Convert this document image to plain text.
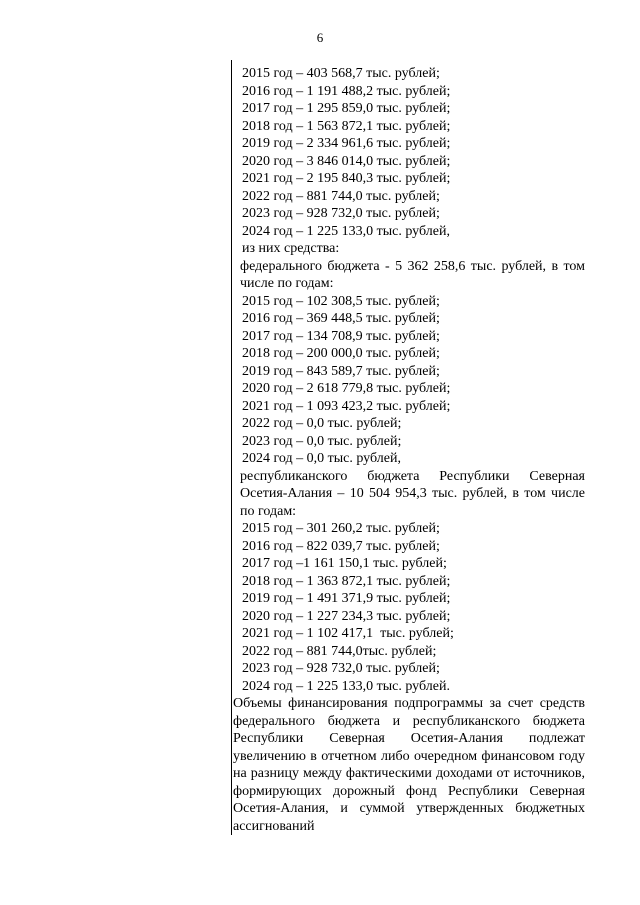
6
2015 год – 403 568,7 тыс. рублей;
2016 год – 1 191 488,2 тыс. рублей;
2017 год – 1 295 859,0 тыс. рублей;
2018 год – 1 563 872,1 тыс. рублей;
2019 год – 2 334 961,6 тыс. рублей;
2020 год – 3 846 014,0 тыс. рублей;
2021 год – 2 195 840,3 тыс. рублей;
2022 год – 881 744,0 тыс. рублей;
2023 год – 928 732,0 тыс. рублей;
2024 год – 1 225 133,0 тыс. рублей,
из них средства:
федерального бюджета - 5 362 258,6 тыс. рублей, в том числе по годам:
2015 год – 102 308,5 тыс. рублей;
2016 год – 369 448,5 тыс. рублей;
2017 год – 134 708,9 тыс. рублей;
2018 год – 200 000,0 тыс. рублей;
2019 год – 843 589,7 тыс. рублей;
2020 год – 2 618 779,8 тыс. рублей;
2021 год – 1 093 423,2 тыс. рублей;
2022 год – 0,0 тыс. рублей;
2023 год – 0,0 тыс. рублей;
2024 год – 0,0 тыс. рублей,
республиканского бюджета Республики Северная Осетия-Алания – 10 504 954,3 тыс. рублей, в том числе по годам:
2015 год – 301 260,2 тыс. рублей;
2016 год – 822 039,7 тыс. рублей;
2017 год –1 161 150,1 тыс. рублей;
2018 год – 1 363 872,1 тыс. рублей;
2019 год – 1 491 371,9 тыс. рублей;
2020 год – 1 227 234,3 тыс. рублей;
2021 год – 1 102 417,1  тыс. рублей;
2022 год – 881 744,0тыс. рублей;
2023 год – 928 732,0 тыс. рублей;
2024 год – 1 225 133,0 тыс. рублей.
Объемы финансирования подпрограммы за счет средств федерального бюджета и республиканского бюджета Республики Северная Осетия-Алания подлежат увеличению в отчетном либо очередном финансовом году на разницу между фактическими доходами от источников, формирующих дорожный фонд Республики Северная Осетия-Алания, и суммой утвержденных бюджетных ассигнований
